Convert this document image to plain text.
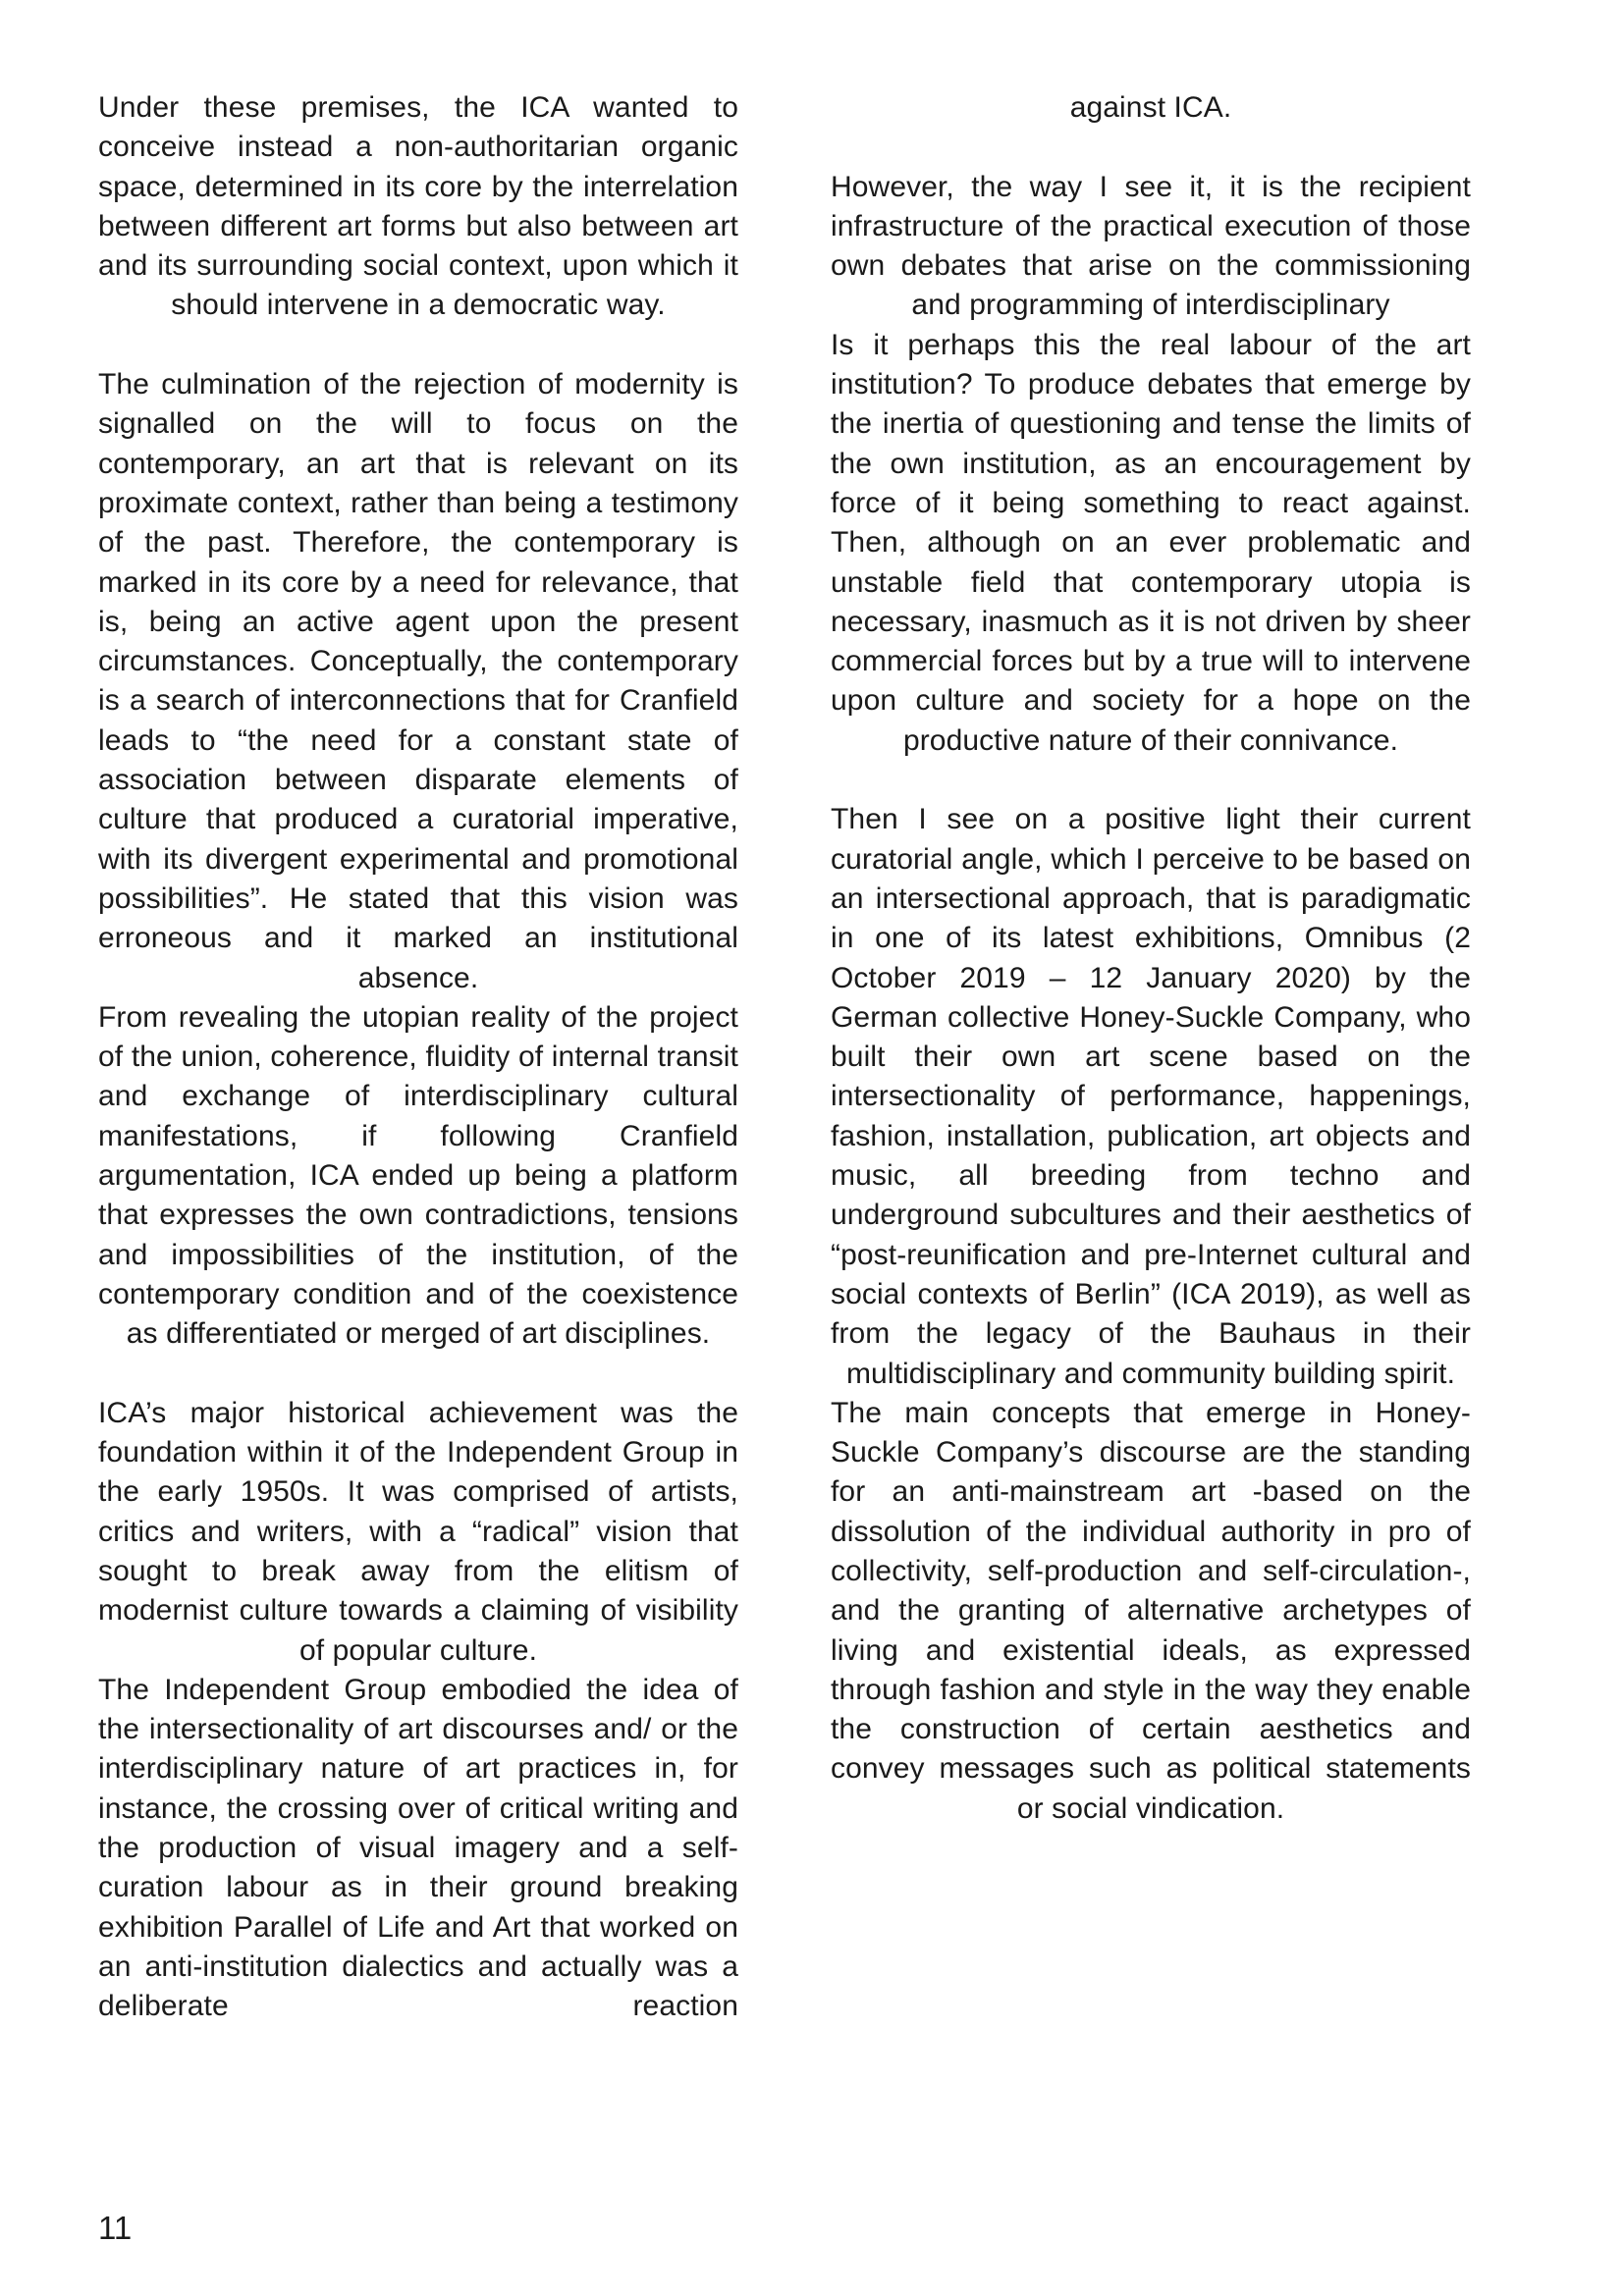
Under these premises, the ICA wanted to conceive instead a non-authoritarian organic space, determined in its core by the interrelation between different art forms but also between art and its surrounding social context, upon which it should intervene in a democratic way.

The culmination of the rejection of modernity is signalled on the will to focus on the contemporary, an art that is relevant on its proximate context, rather than being a testimony of the past. Therefore, the contemporary is marked in its core by a need for relevance, that is, being an active agent upon the present circumstances. Conceptually, the contemporary is a search of interconnections that for Cranfield leads to “the need for a constant state of association between disparate elements of culture that produced a curatorial imperative, with its divergent experimental and promotional possibilities”. He stated that this vision was erroneous and it marked an institutional absence.

From revealing the utopian reality of the project of the union, coherence, fluidity of internal transit and exchange of interdisciplinary cultural manifestations, if following Cranfield argumentation, ICA ended up being a platform that expresses the own contradictions, tensions and impossibilities of the institution, of the contemporary condition and of the coexistence as differentiated or merged of art disciplines.

ICA’s major historical achievement was the foundation within it of the Independent Group in the early 1950s. It was comprised of artists, critics and writers, with a “radical” vision that sought to break away from the elitism of modernist culture towards a claiming of visibility of popular culture.

The Independent Group embodied the idea of the intersectionality of art discourses and/ or the interdisciplinary nature of art practices in, for instance, the crossing over of critical writing and the production of visual imagery and a self-curation labour as in their ground breaking exhibition Parallel of Life and Art that worked on an anti-institution dialectics and actually was a deliberate reaction

against ICA.

However, the way I see it, it is the recipient infrastructure of the practical execution of those own debates that arise on the commissioning and programming of interdisciplinary

Is it perhaps this the real labour of the art institution? To produce debates that emerge by the inertia of questioning and tense the limits of the own institution, as an encouragement by force of it being something to react against. Then, although on an ever problematic and unstable field that contemporary utopia is necessary, inasmuch as it is not driven by sheer commercial forces but by a true will to intervene upon culture and society for a hope on the productive nature of their connivance.

Then I see on a positive light their current curatorial angle, which I perceive to be based on an intersectional approach, that is paradigmatic in one of its latest exhibitions, Omnibus (2 October 2019 – 12 January 2020) by the German collective Honey-Suckle Company, who built their own art scene based on the intersectionality of performance, happenings, fashion, installation, publication, art objects and music, all breeding from techno and underground subcultures and their aesthetics of “post-reunification and pre-Internet cultural and social contexts of Berlin” (ICA 2019), as well as from the legacy of the Bauhaus in their multidisciplinary and community building spirit.

The main concepts that emerge in Honey-Suckle Company’s discourse are the standing for an anti-mainstream art -based on the dissolution of the individual authority in pro of collectivity, self-production and self-circulation-, and the granting of alternative archetypes of living and existential ideals, as expressed through fashion and style in the way they enable the construction of certain aesthetics and convey messages such as political statements or social vindication.

11
